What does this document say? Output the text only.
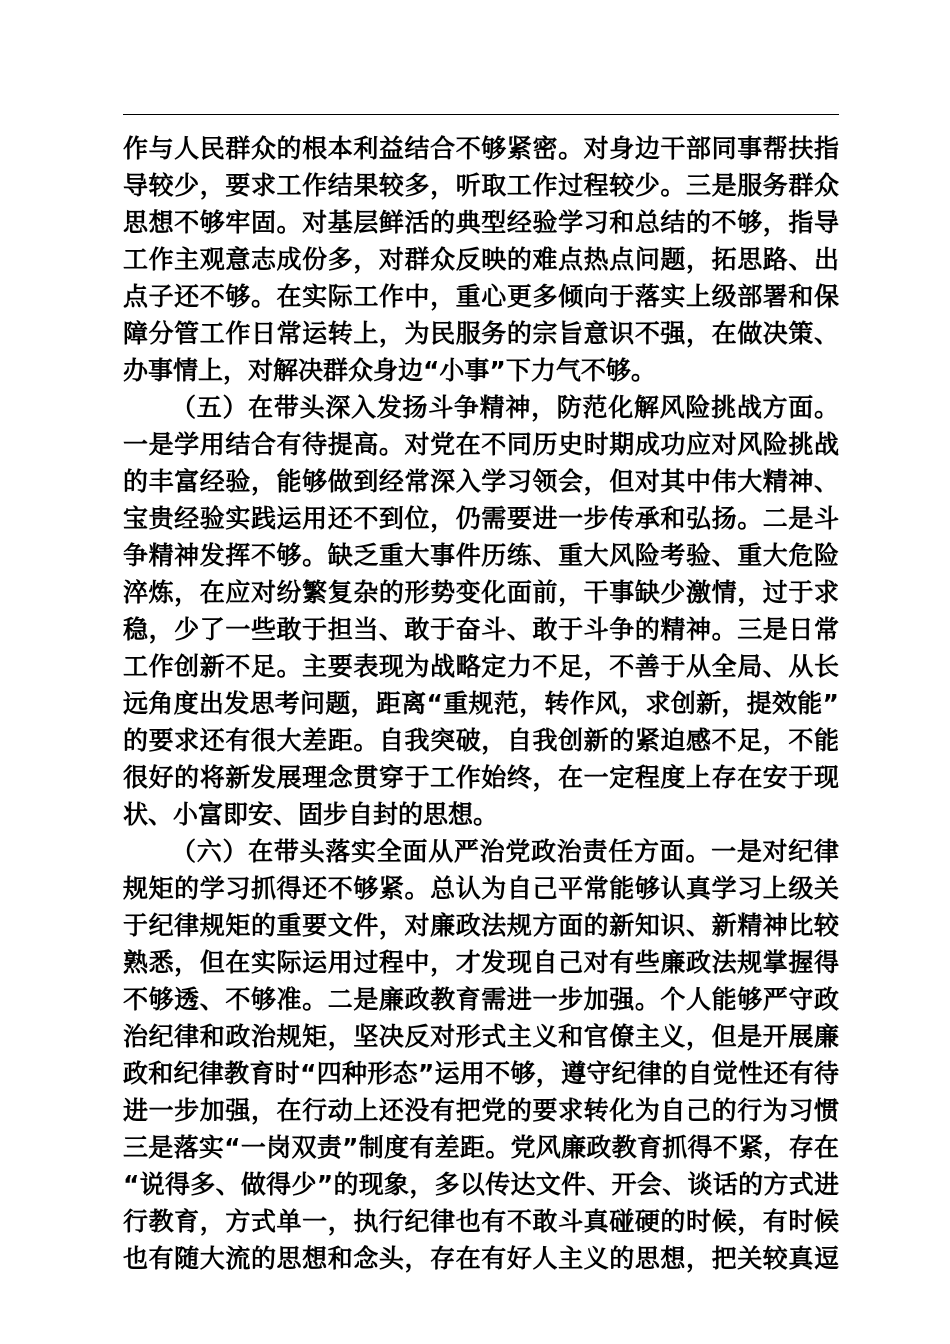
作与人民群众的根本利益结合不够紧密。对身边干部同事帮扶指
导较少，要求工作结果较多，听取工作过程较少。三是服务群众
思想不够牢固。对基层鲜活的典型经验学习和总结的不够，指导
工作主观意志成份多，对群众反映的难点热点问题，拓思路、出
点子还不够。在实际工作中，重心更多倾向于落实上级部署和保
障分管工作日常运转上，为民服务的宗旨意识不强，在做决策、
办事情上，对解决群众身边“小事”下力气不够。
（五）在带头深入发扬斗争精神，防范化解风险挑战方面。
一是学用结合有待提高。对党在不同历史时期成功应对风险挑战
的丰富经验，能够做到经常深入学习领会，但对其中伟大精神、
宝贵经验实践运用还不到位，仍需要进一步传承和弘扬。二是斗
争精神发挥不够。缺乏重大事件历练、重大风险考验、重大危险
淬炼，在应对纷繁复杂的形势变化面前，干事缺少激情，过于求
稳，少了一些敢于担当、敢于奋斗、敢于斗争的精神。三是日常
工作创新不足。主要表现为战略定力不足，不善于从全局、从长
远角度出发思考问题，距离“重规范，转作风，求创新，提效能”
的要求还有很大差距。自我突破，自我创新的紧迫感不足，不能
很好的将新发展理念贯穿于工作始终，在一定程度上存在安于现
状、小富即安、固步自封的思想。
（六）在带头落实全面从严治党政治责任方面。一是对纪律
规矩的学习抓得还不够紧。总认为自己平常能够认真学习上级关
于纪律规矩的重要文件，对廉政法规方面的新知识、新精神比较
熟悉，但在实际运用过程中，才发现自己对有些廉政法规掌握得
不够透、不够准。二是廉政教育需进一步加强。个人能够严守政
治纪律和政治规矩，坚决反对形式主义和官僚主义，但是开展廉
政和纪律教育时“四种形态”运用不够，遵守纪律的自觉性还有待
进一步加强，在行动上还没有把党的要求转化为自己的行为习惯
三是落实“一岗双责”制度有差距。党风廉政教育抓得不紧，存在
“说得多、做得少”的现象，多以传达文件、开会、谈话的方式进
行教育，方式单一，执行纪律也有不敢斗真碰硬的时候，有时候
也有随大流的思想和念头，存在有好人主义的思想，把关较真逗
